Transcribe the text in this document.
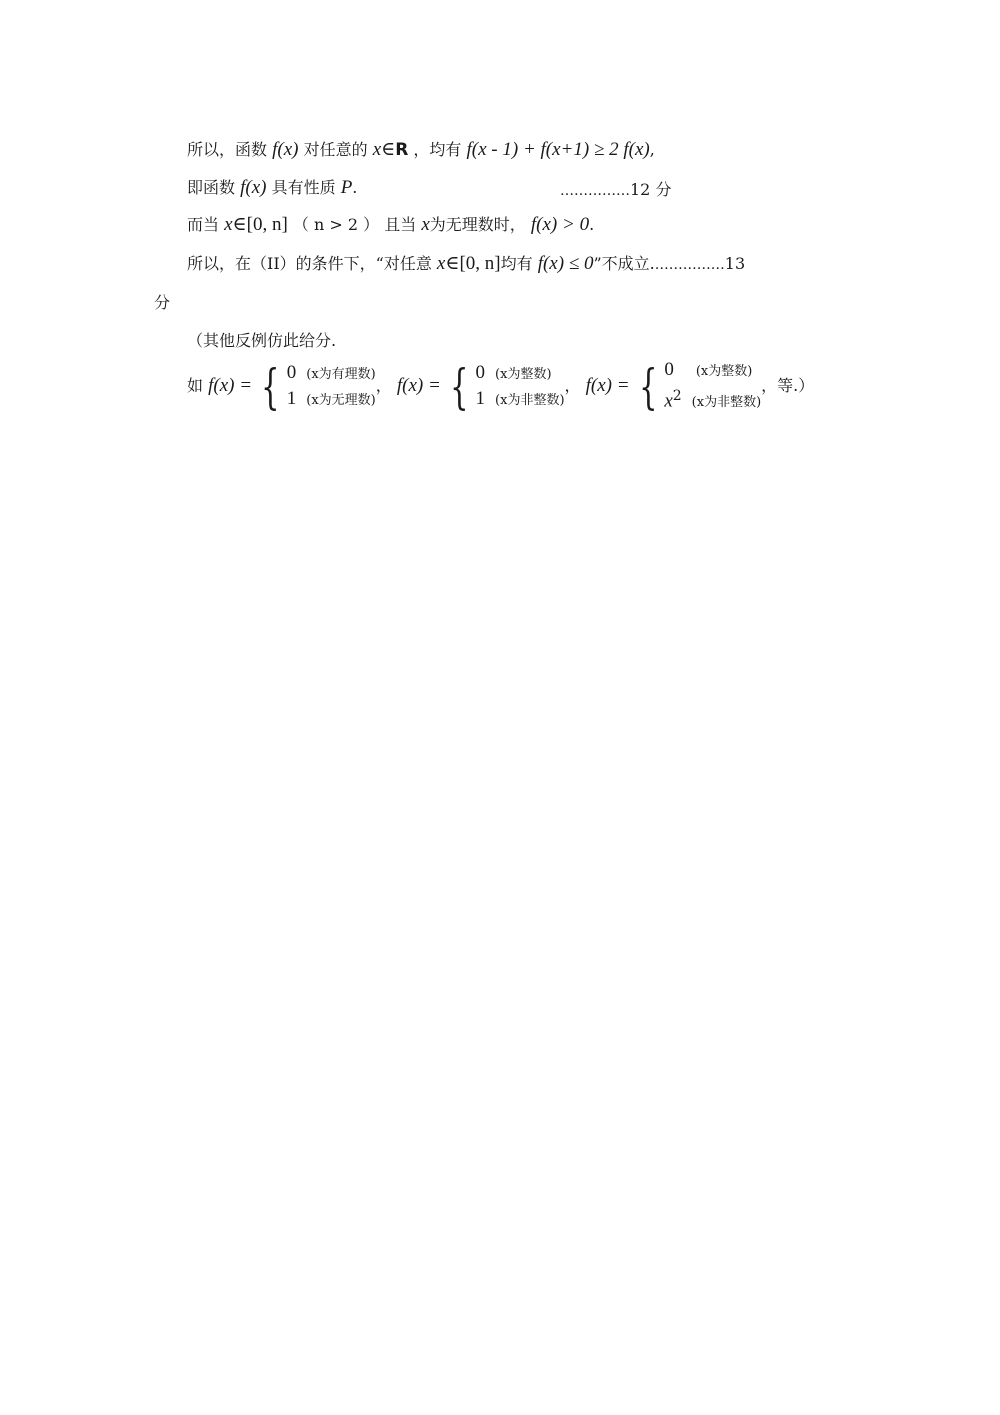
所以，函数 f(x) 对任意的 x∈R ，均有 f(x - 1) + f(x+1) ≥ 2 f(x),
即函数 f(x) 具有性质 P.	……………12 分
而当 x∈[0, n] （ n > 2 ） 且当 x为无理数时， f(x) > 0.
所以，在（II）的条件下，“对任意 x∈[0, n]均有 f(x) ≤ 0”不成立.……………13
分
（其他反例仿此给分.
如 f(x) = { 0 (x为有理数)
1 (x为无理数)
， f(x) = { 0 (x为整数)
1 (x为非整数)
， f(x) = { 0 (x为整数)
$x^2$ (x为非整数)
，等.）
